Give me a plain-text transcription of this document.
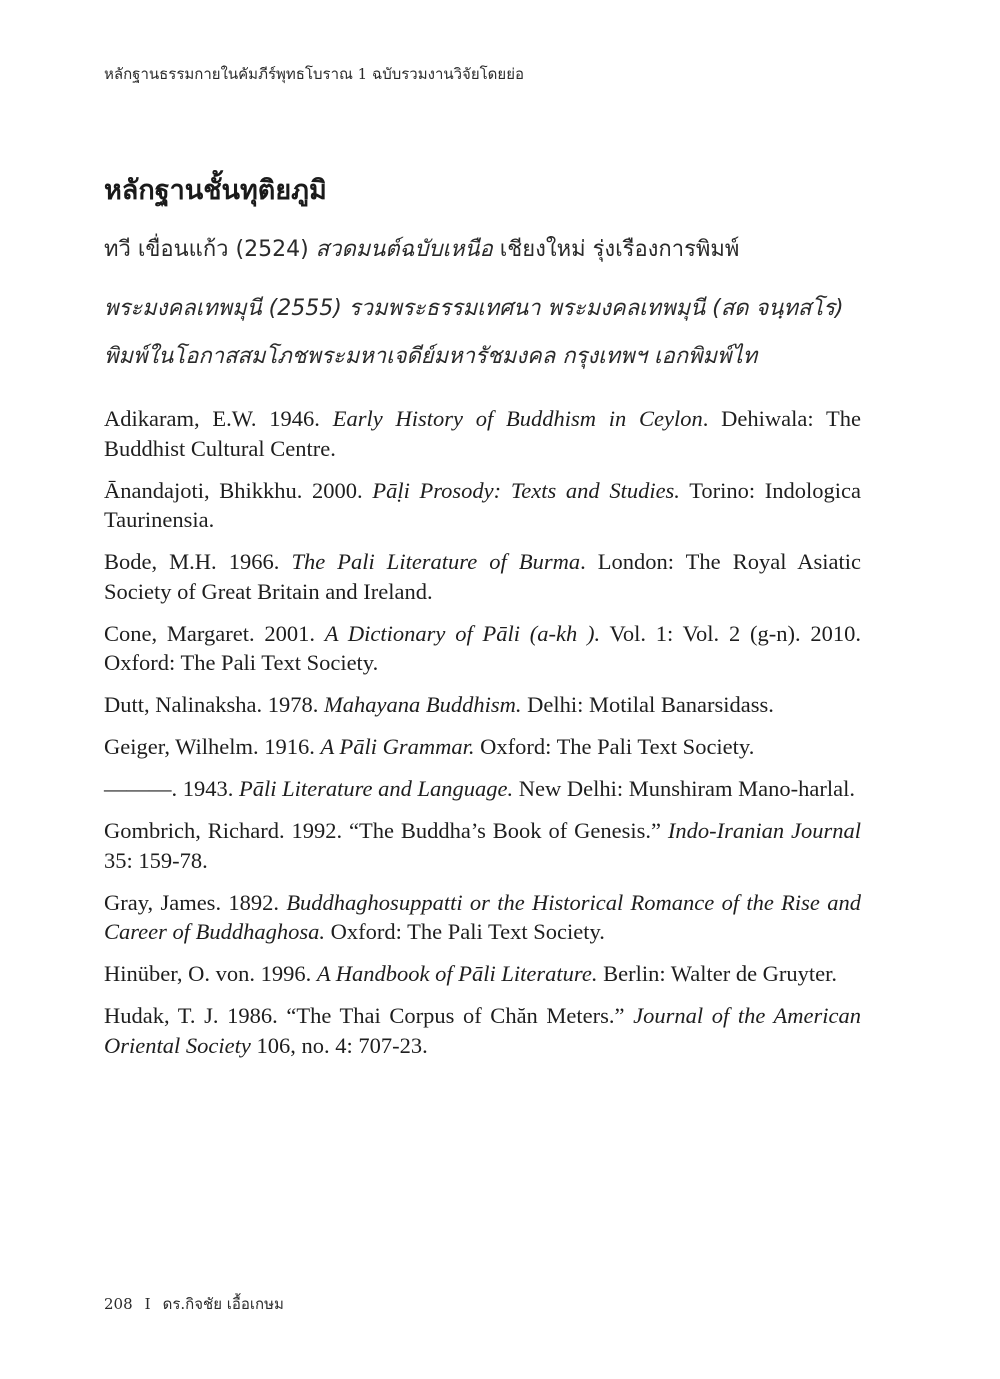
หลักฐานธรรมกายในคัมภีร์พุทธโบราณ 1 ฉบับรวมงานวิจัยโดยย่อ
หลักฐานชั้นทุติยภูมิ
ทวี เขื่อนแก้ว (2524) สวดมนต์ฉบับเหนือ เชียงใหม่ รุ่งเรืองการพิมพ์
พระมงคลเทพมุนี (2555) รวมพระธรรมเทศนา พระมงคลเทพมุนี (สด จนฺทสโร) พิมพ์ในโอกาสสมโภชพระมหาเจดีย์มหารัชมงคล กรุงเทพฯ เอกพิมพ์ไท

Adikaram, E.W. 1946. Early History of Buddhism in Ceylon. Dehiwala: The Buddhist Cultural Centre.

Ānandajoti, Bhikkhu. 2000. Pāḷi Prosody: Texts and Studies. Torino: Indologica Taurinensia.

Bode, M.H. 1966. The Pali Literature of Burma. London: The Royal Asiatic Society of Great Britain and Ireland.

Cone, Margaret. 2001. A Dictionary of Pāli (a-kh ). Vol. 1: Vol. 2 (g-n). 2010. Oxford: The Pali Text Society.

Dutt, Nalinaksha. 1978. Mahayana Buddhism. Delhi: Motilal Banarsidass.

Geiger, Wilhelm. 1916. A Pāli Grammar. Oxford: The Pali Text Society.

———. 1943. Pāli Literature and Language. New Delhi: Munshiram Mano-harlal.

Gombrich, Richard. 1992. “The Buddha’s Book of Genesis.” Indo-Iranian Journal 35: 159-78.

Gray, James. 1892. Buddhaghosuppatti or the Historical Romance of the Rise and Career of Buddhaghosa. Oxford: The Pali Text Society.

Hinüber, O. von. 1996. A Handbook of Pāli Literature. Berlin: Walter de Gruyter.

Hudak, T. J. 1986. “The Thai Corpus of Chăn Meters.” Journal of the American Oriental Society 106, no. 4: 707-23.

208 I ดร.กิจชัย เอื้อเกษม
